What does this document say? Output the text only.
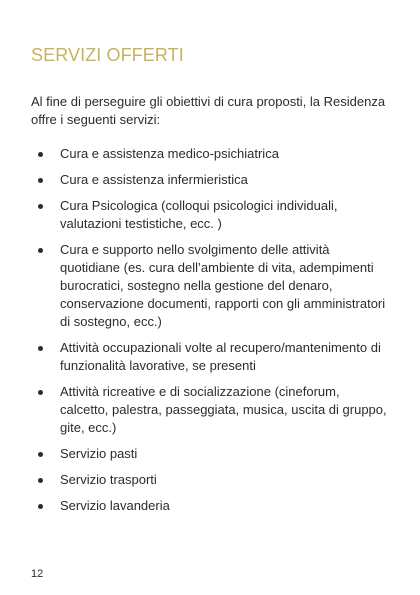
SERVIZI OFFERTI

Al fine di perseguire gli obiettivi di cura proposti, la Residenza offre i seguenti servizi:

Cura e assistenza medico-psichiatrica
Cura e assistenza infermieristica
Cura Psicologica (colloqui psicologici individuali, valutazioni testistiche, ecc. )
Cura e supporto nello svolgimento delle attività quotidiane (es. cura dell’ambiente di vita, adempimenti burocratici, sostegno nella gestione del denaro, conservazione documenti, rapporti con gli amministratori di sostegno, ecc.)
Attività occupazionali volte al recupero/mantenimento di funzionalità lavorative, se presenti
Attività ricreative e di socializzazione (cineforum, calcetto, palestra, passeggiata, musica, uscita di gruppo, gite, ecc.)
Servizio pasti
Servizio trasporti
Servizio lavanderia
12
